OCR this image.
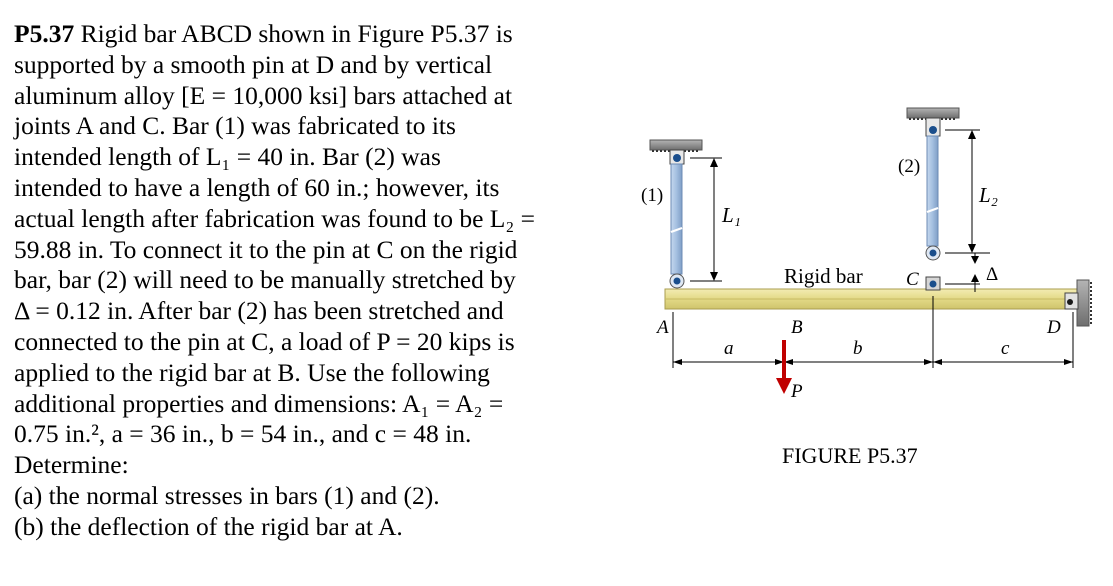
P5.37 Rigid bar ABCD shown in Figure P5.37 is
supported by a smooth pin at D and by vertical
aluminum alloy [E = 10,000 ksi] bars attached at
joints A and C. Bar (1) was fabricated to its
intended length of L₁ = 40 in. Bar (2) was
intended to have a length of 60 in.; however, its
actual length after fabrication was found to be L₂ =
59.88 in. To connect it to the pin at C on the rigid
bar, bar (2) will need to be manually stretched by
Δ = 0.12 in. After bar (2) has been stretched and
connected to the pin at C, a load of P = 20 kips is
applied to the rigid bar at B. Use the following
additional properties and dimensions: A₁ = A₂ =
0.75 in.², a = 36 in., b = 54 in., and c = 48 in.
Determine:
(a) the normal stresses in bars (1) and (2).
(b) the deflection of the rigid bar at A.
(1)
(2)
L₁
L₂
Rigid bar C	Δ
A	B	D
a	b	c
P
FIGURE P5.37
